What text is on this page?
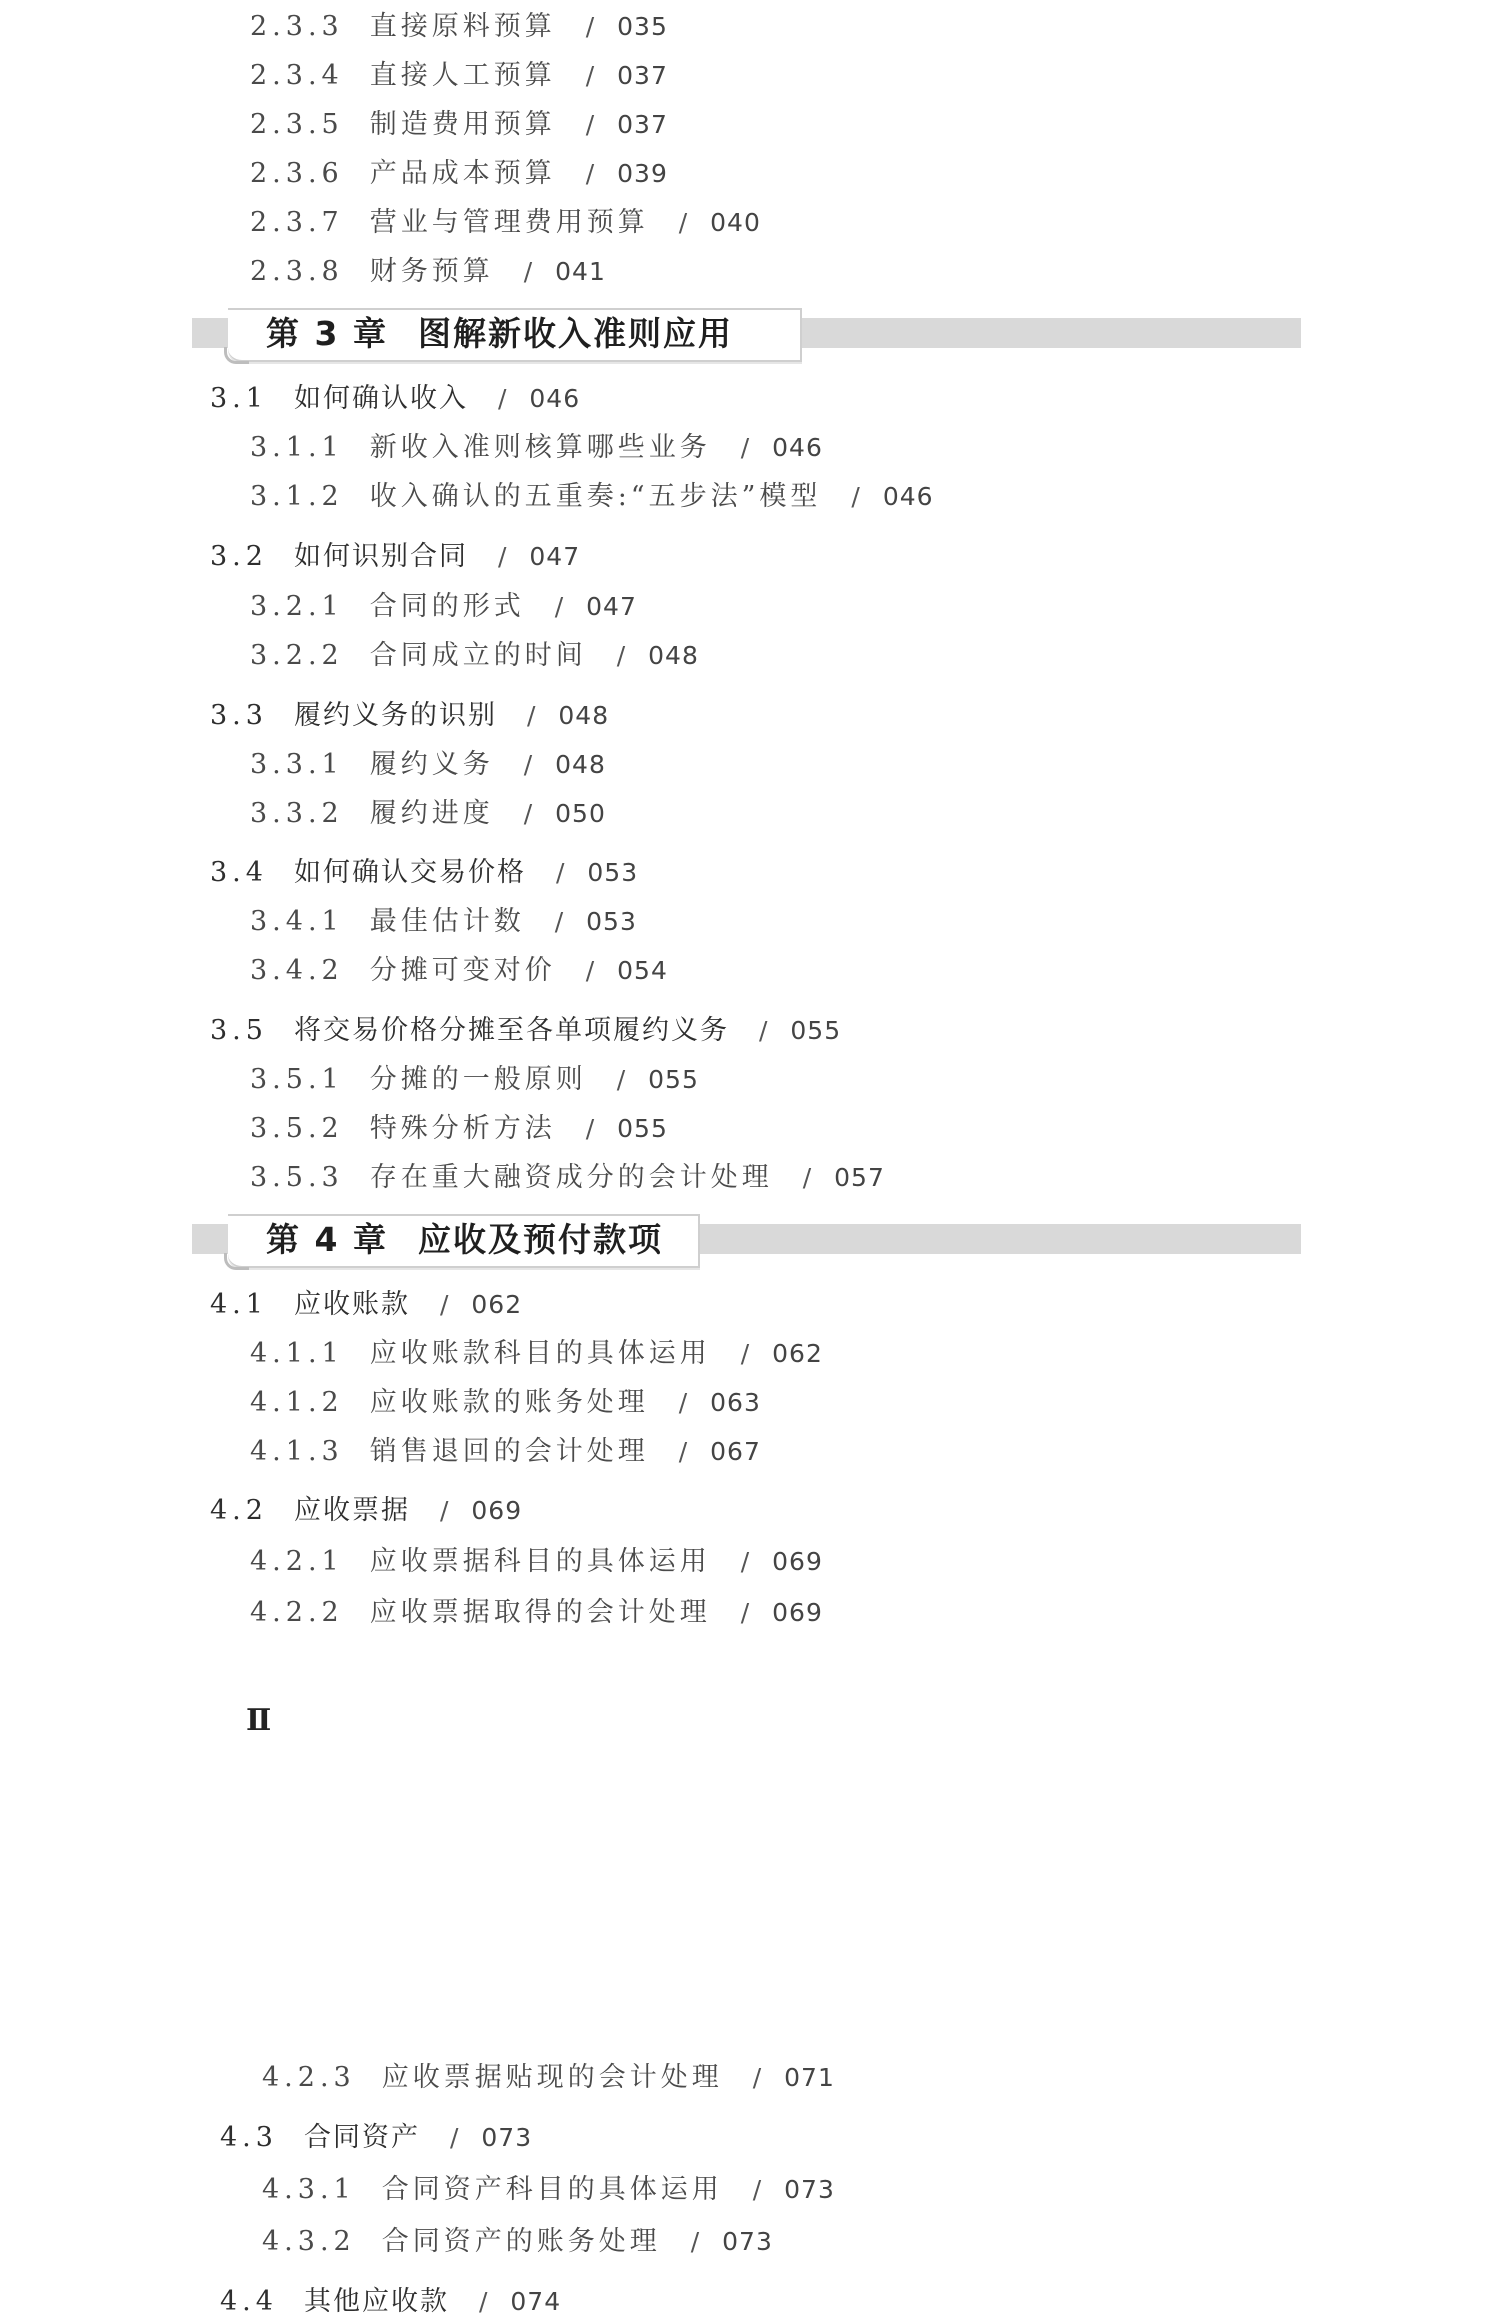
2.3.3 直接原料预算 / 035
2.3.4 直接人工预算 / 037
2.3.5 制造费用预算 / 037
2.3.6 产品成本预算 / 039
2.3.7 营业与管理费用预算 / 040
2.3.8 财务预算 / 041
第 3 章 图解新收入准则应用
3.1 如何确认收入 / 046
3.1.1 新收入准则核算哪些业务 / 046
3.1.2 收入确认的五重奏:“五步法”模型 / 046
3.2 如何识别合同 / 047
3.2.1 合同的形式 / 047
3.2.2 合同成立的时间 / 048
3.3 履约义务的识别 / 048
3.3.1 履约义务 / 048
3.3.2 履约进度 / 050
3.4 如何确认交易价格 / 053
3.4.1 最佳估计数 / 053
3.4.2 分摊可变对价 / 054
3.5 将交易价格分摊至各单项履约义务 / 055
3.5.1 分摊的一般原则 / 055
3.5.2 特殊分析方法 / 055
3.5.3 存在重大融资成分的会计处理 / 057
第 4 章 应收及预付款项
4.1 应收账款 / 062
4.1.1 应收账款科目的具体运用 / 062
4.1.2 应收账款的账务处理 / 063
4.1.3 销售退回的会计处理 / 067
4.2 应收票据 / 069
4.2.1 应收票据科目的具体运用 / 069
4.2.2 应收票据取得的会计处理 / 069
Ⅱ
4.2.3 应收票据贴现的会计处理 / 071
4.3 合同资产 / 073
4.3.1 合同资产科目的具体运用 / 073
4.3.2 合同资产的账务处理 / 073
4.4 其他应收款 / 074
